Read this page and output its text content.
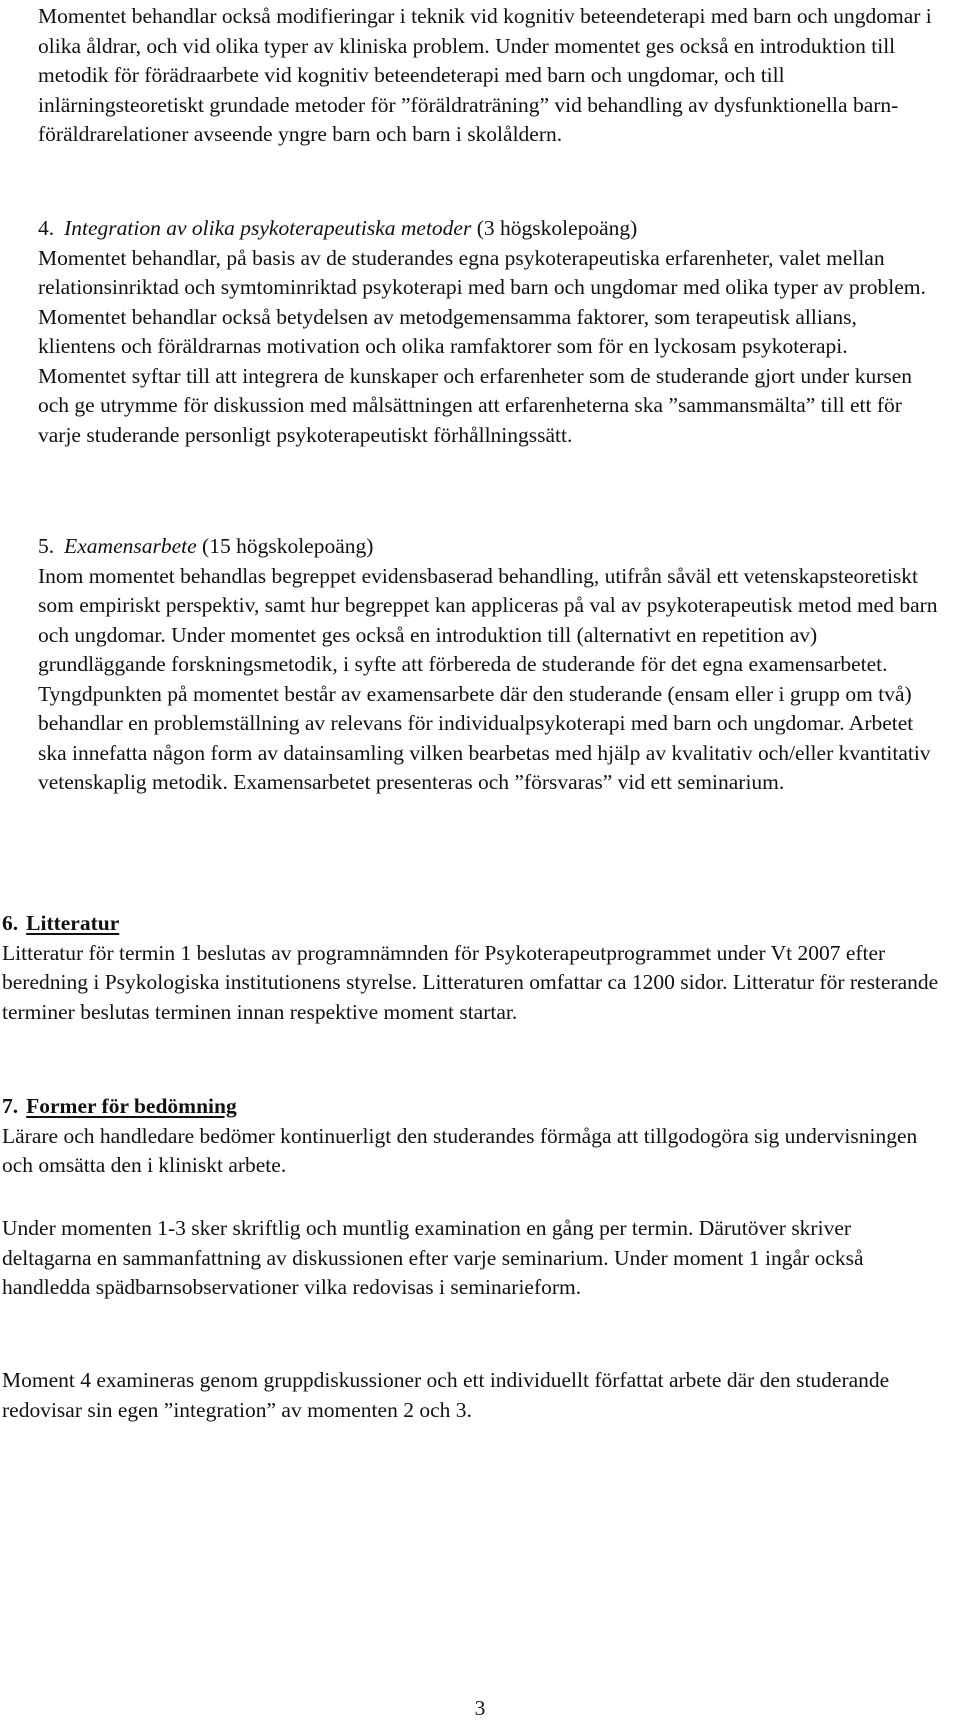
Momentet behandlar också modifieringar i teknik vid kognitiv beteendeterapi med barn och ungdomar i olika åldrar, och vid olika typer av kliniska problem. Under momentet ges också en introduktion till metodik för förädraarbete vid kognitiv beteendeterapi med barn och ungdomar, och till inlärningsteoretiskt grundade metoder för ”föräldraträning” vid behandling av dysfunktionella barn-föräldrarelationer avseende yngre barn och barn i skolåldern.

4. Integration av olika psykoterapeutiska metoder (3 högskolepoäng)

Momentet behandlar, på basis av de studerandes egna psykoterapeutiska erfarenheter, valet mellan relationsinriktad och symtominriktad psykoterapi med barn och ungdomar med olika typer av problem. Momentet behandlar också betydelsen av metodgemensamma faktorer, som terapeutisk allians, klientens och föräldrarnas motivation och olika ramfaktorer som för en lyckosam psykoterapi. Momentet syftar till att integrera de kunskaper och erfarenheter som de studerande gjort under kursen och ge utrymme för diskussion med målsättningen att erfarenheterna ska ”sammansmälta” till ett för varje studerande personligt psykoterapeutiskt förhållningssätt.

5. Examensarbete (15 högskolepoäng)

Inom momentet behandlas begreppet evidensbaserad behandling, utifrån såväl ett vetenskapsteoretiskt som empiriskt perspektiv, samt hur begreppet kan appliceras på val av psykoterapeutisk metod med barn och ungdomar. Under momentet ges också en introduktion till (alternativt en repetition av) grundläggande forskningsmetodik, i syfte att förbereda de studerande för det egna examensarbetet. Tyngdpunkten på momentet består av examensarbete där den studerande (ensam eller i grupp om två) behandlar en problemställning av relevans för individualpsykoterapi med barn och ungdomar. Arbetet ska innefatta någon form av datainsamling vilken bearbetas med hjälp av kvalitativ och/eller kvantitativ vetenskaplig metodik. Examensarbetet presenteras och ”försvaras” vid ett seminarium.

6. Litteratur

Litteratur för termin 1 beslutas av programnämnden för Psykoterapeutprogrammet under Vt 2007 efter beredning i Psykologiska institutionens styrelse. Litteraturen omfattar ca 1200 sidor. Litteratur för resterande terminer beslutas terminen innan respektive moment startar.

7. Former för bedömning

Lärare och handledare bedömer kontinuerligt den studerandes förmåga att tillgodogöra sig undervisningen och omsätta den i kliniskt arbete.

Under momenten 1-3 sker skriftlig och muntlig examination en gång per termin. Därutöver skriver deltagarna en sammanfattning av diskussionen efter varje seminarium. Under moment 1 ingår också handledda spädbarnsobservationer vilka redovisas i seminarieform.

Moment 4 examineras genom gruppdiskussioner och ett individuellt författat arbete där den studerande redovisar sin egen ”integration” av momenten 2 och 3.

3
